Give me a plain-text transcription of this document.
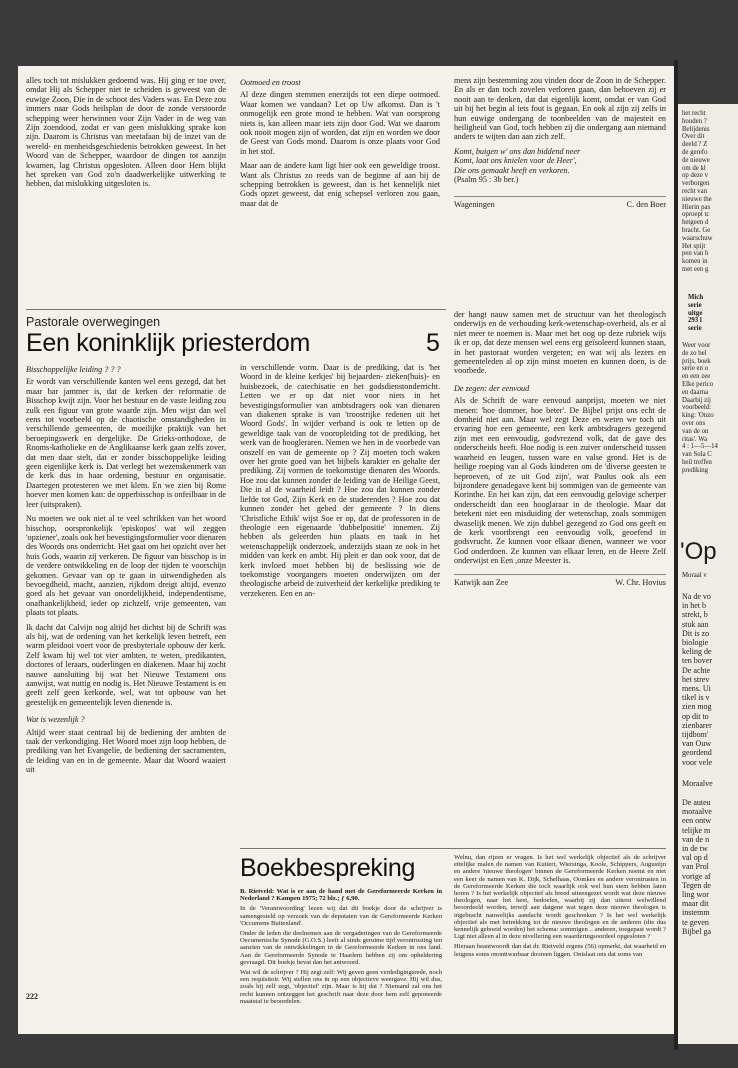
alles toch tot mislukken gedoemd was. Hij ging er toe over, omdat Hij als Schepper niet te scheiden is geweest van de euwige Zoon, Die in de schoot des Vaders was. En Deze zou immers naar Gods heilsplan de door de zonde verstoorde schepping weer herwinnen voor Zijn Vader in de weg van Zijn zoendood, zodat er van geen mislukking sprake kon zijn. Daarom is Christus van meetafaan bij de inzet van de wereld- en menheidsgeschiedenis betrokken geweest. In het Woord van de Schepper, waardoor de dingen tot aanzijn kwamen, lag Christus opgesloten. Alleen door Hem blijkt het spreken van God zo'n daadwerkelijke uitwerking te hebben, dat mislukking uitgesloten is.

Ootmoed en troost

Al deze dingen stemmen enerzijds tot een diepe ootmoed. Waar komen we vandaan? Let op Uw afkomst. Dan is 't onmogelijk een grote mond te hebben. Wat van oorsprong niets is, kan alleen maar iets zijn door God. Wat we daarom ook nooit mogen zijn of worden, dat zijn en worden we door de Geest van Gods mond. Daarom is onze plaats voor God in het stof.

Maar aan de andere kant ligt hier ook een geweldige troost. Want als Christus zo reeds van de beginne af aan bij de schepping betrokken is geweest, dan is het kennelijk niet Gods opzet geweest, dat enig schepsel verloren zou gaan, maar dat de

mens zijn bestemming zou vinden door de Zoon in de Schepper. En als er dan toch zovelen verloren gaan, dan behoeven zij er nooit aan te denken, dat dat eigenlijk komt, omdat er van God uit bij het begin al iets fout is gegaan. En ook al zijn zij zelfs in hun euwige ondergang de toonbeelden van de majesteit en heiligheid van God, toch hebben zij die ondergang aan niemand anders te wijten dan aan zich zelf.

Komt, buigen w' ons dan biddend neer
Komt, laat ons knielen voor de Heer',
Die ons gemaakt heeft en verkoren.
(Psalm 95 : 3b ber.)
Wageningen	C. den Boer
Pastorale overwegingen
Een koninklijk priesterdom	5
Bisschoppelijke leiding ? ? ?

Er wordt van verschillende kanten wel eens gezegd, dat het maar bar jammer is, dat de kerken der reformatie de Bisschop kwijt zijn. Voor het bestuur en de vaste leiding zou zulk een figuur van grote waarde zijn. Men wijst dan wel eens tot voorbeeld op de chaotische omstandigheden in verschillende gemeenten, de moeilijke praktijk van het beroepingswerk en dergelijke. De Grieks-orthodoxe, de Rooms-katholieke en de Anglikaanse kerk gaan zelfs zover, dat men daar stelt, dat er zonder bisschoppelijke leiding geen eigenlijke kerk is. Dat verlegt het wezenskenmerk van de kerk dus in haar ordening, bestuur en organisatie. Daartegen protesteren we met klem. En we zien bij Rome hoever men komen kan: de opperbisschop is onfeilbaar in de leer (uitspraken).

Nu moeten we ook niet al te veel schrikken van het woord bisschop, oorspronkelijk 'episkopos' wat wil zeggen 'opziener', zoals ook het bevestigingsformulier voor dienaren des Woords ons onderricht. Het gaat om het opzicht over het huis Gods, waarin zij verkeren. De figuur van bisschop is in de verdere ontwikkeling en de loop der tijden te voorschijn gekomen. Gevaar van op te gaan in uitwendigheden als bevoegdheid, macht, aanzien, rijkdom dreigt altijd, evenzo goed als het gevaar van onordelijkheid, independentisme, onafhankelijkheid, ieder op zichzelf, vrije gemeenten, van plaats tot plaats.

Ik dacht dat Calvijn nog altijd het dichtst bij de Schrift was als hij, wat de ordening van het kerkelijk leven betreft, een warm pleidooi voert voor de presbyteriale opbouw der kerk. Zelf kwam hij wel tot vier ambten, te weten, predikanten, doctores of leraars, ouderlingen en diakenen. Maar hij zocht nauwe aansluiting bij wat het Nieuwe Testament ons aanwijst, wat nuttig en nodig is. Het Nieuwe Testament is en geeft zelf geen kerkorde, wel, wat tot opbouw van het geestelijk en gemeentelijk leven dienende is.

Wat is wezenlijk ?

Altijd weer staat centraal bij de bediening der ambten de taak der verkondiging. Het Woord moet zijn loop hebben, de prediking van het Evangelie, de bediening der sacramenten, de leiding van en in de gemeente. Maar dat Woord waaiert uit

222

in verschillende vorm. Daar is de prediking, dat is 'het Woord in de kleine kerkjes' bij bejaarden- zieken(huis)- en huisbezoek, de catechisatie en het godsdienstonderricht. Letten we er op dat niet voor niets in het bevestigingsformulier van ambtsdragers ook van dienaren van diakenen sprake is van 'troostrijke redenen uit het Woord Gods'. In wijder verband is ook te letten op de geweldige taak van de vooropleiding tot de prediking, het werk van de hoogleraren. Nemen we hen in de voorbede van onszelf en van de gemeente op ? Zij moeten toch waken over het grote goed van het bijbels karakter en gehalte der prediking. Zij vormen de toekomstige dienaren des Woords. Hoe zou dat kunnen zonder de leiding van de Heilige Geest, Die in al de waarheid leidt ? Hoe zou dat kunnen zonder liefde tot God, Zijn Kerk en de studerenden ? Hoe zou dat kunnen zonder het gebed der gemeente ? In diens 'Christliche Ethik' wijst Soe er op, dat de professoren in de theologie een eigenaarde 'dubbelpositie' innemen. Zij hebben als geleerden hun plaats en taak in het wetenschappelijk onderzoek, anderzijds staan ze ook in het midden van kerk en ambt. Hij pleit er dan ook voor, dat de kerk invloed moet hebben bij de beslissing wie de toekomstige voorgangers moeten onderwijzen om der theologische arbeid de zuiverheid der kerkelijke prediking te verzekeren. Een en an-

der hangt nauw samen met de structuur van het theologisch onderwijs en de verhouding kerk-wetenschap-overheid, als er al niet meer te noemen is. Maar met het oog op deze rubriek wijs ik er op, dat deze mensen wel eens erg geïsoleerd kunnen staan, in het pastoraat worden vergeten; en wat wij als lezers en gemeenteleden al op zijn minst moeten en kunnen doen, is de voorbede.

De zegen: der eenvoud

Als de Schrift de ware eenvoud aanprijst, moeten we niet menen: 'hoe dommer, hoe beter'. De Bijbel prijst ons echt de domheid niet aan. Maar wel zegt Deze en weten we toch uit ervaring hoe een gemeente, een kerk ambtsdragers gezegend zijn met een eenvoudig, godvrezend volk, dat de gave des onderscheids heeft. Hoe nodig is een zuiver onderscheid tussen waarheid en leugen, tussen ware en valse grond. Het is de heilige roeping van al Gods kinderen om de 'diverse geesten te beproeven, of ze uit God zijn', wat Paulus ook als een bijzondere genadegave kent bij sommigen van de gemeente van Korinthe. En het kan zijn, dat een eenvoudig gelovige scherper onderscheidt dan een hooglaraar in de theologie. Maar dat betekent niet een misduiding der wetenschap, zoals sommigen dwaselijk menen. We zijn dubbel gezegend zo God ons geeft en de kerk voortbrengt een eenvoudig volk, geoefend in godsvrucht. Ze kunnen voor elkaar dienen, wanneer we voor God onderdoen. Ze kunnen van elkaar leren, en de Heere Zelf onderwijst en Een ,onze Meester is.

Katwijk aan Zee	W. Chr. Hovius
Boekbespreking

B. Rietveld: Wat is er aan de hand met de Gereformeerde Kerken in Nederland ? Kampen 1975; 72 blz.; ƒ 6,90.

In de 'Verantwoording' lezen wij dat dit boekje door de schrijver is samengesteld op verzoek van de deputaten van de Gereformeerde Kerken 'Occumene Buitenland'.

Onder de leden die deelnemen aan de vergaderingen van de Gereformeerde Oecumenische Synode (G.O.S.) leeft al sinds geruime tijd verontrusting ten aanzien van de ontwikkelingen in de Gereformeerde Kerken in ons land. Aan de Gereformeerde Synode te Haarlem hebben zij om opheldering gevraagd. Dit boekje bevat dan het antwoord.

Wat wil de schrijver ? Hij zegt zelf: Wij geven geen verdedigingsrede, noch een requisitoir. Wij stellen ons in op een objectieve weergave. Hij wil dus, zoals hij zelf zegt, 'objectief' zijn. Maar is hij dat ? Niemand zal ons het recht kunnen ontzeggen het geschrift naar deze door hem zelf geponeerde maatstaf te beoordelen.

Welnu, dan rijzen er vragen. Is het wel werkelijk objectief als de schrijver ettelijke malen de namen van Kuitert, Wiersinga, Koole, Schippers, Augustijn en andere 'nieuwe theologen' binnen de Gereformeerde Kerken noemt en niet een keer de namen van K. Dijk, Schelhaas, Oomkes en andere verontrusten in de Gereformeerde Kerken die toch waarlijk ook wel hun stem hebben laten horen ? Is het werkelijk objectief als breed uiteengezet wordt wat deze nieuwe theologen, naar het heet, bedoelen, waarbij zij dan uiterst welwillend beoordeeld worden, terwijl aan datgene wat tegen deze nieuwe theologen is ingebracht nauwelijks aandacht wordt geschonken ? Is het wel werkelijk objectief als met betrekking tot de nieuwe theologen en de anderen (die dus kennelijk geboeid worden) het schema: sommigen .. anderen, toegepast wordt ? Ligt niet alleen al in deze nivellering een waarderingsoordeel opgesloten ?

Hieraan beantwoordt dan dat dr. Rietveld ergens (56) opmerkt, dat waarheid en leugens soms ononttwarbaar dooreen liggen. Ontslaat ons dat soms van

het recht

houden ?

Belijdenis

Over dit

deeld ? Z

de gerefo

de nieuwe

om de kl

op deze v

verborgen

recht van

nieuwe the

Hierin pas

oproept tc

hetgeen d

bracht. Ge

waarschuw

Het spijt

pen van h

komen in

met een g

Mich

serie

uitge

293 l

serie

Weer voor

de zo bel

prijs, boek

serie en o

en een zee

Elke perico

en daarna

Daarbij zij

voorbeeld:

king: 'Onzo

over ons

van de on

ritas'. Wa

4 : 1—5—14

van Sola C

heil treffen

prediking

'Op
Moraal v

Na de vo

in het b

strekt, b

stuk aan

Dit is zo

biologie

keling de

ten bover

De achte

het strev

mens. Ui

tikel is v

zien mog

op dit to

zienbarer

tijdbom'

van Ouw

geordend

voor vele

Moraalve

De auteu

moraalve

een ontw

telijke m

van de n

in de tw

val op d

van Prol

vorige af

Tegen de

ling wor

maar dit

instemm

te geven

Bijbel ga
